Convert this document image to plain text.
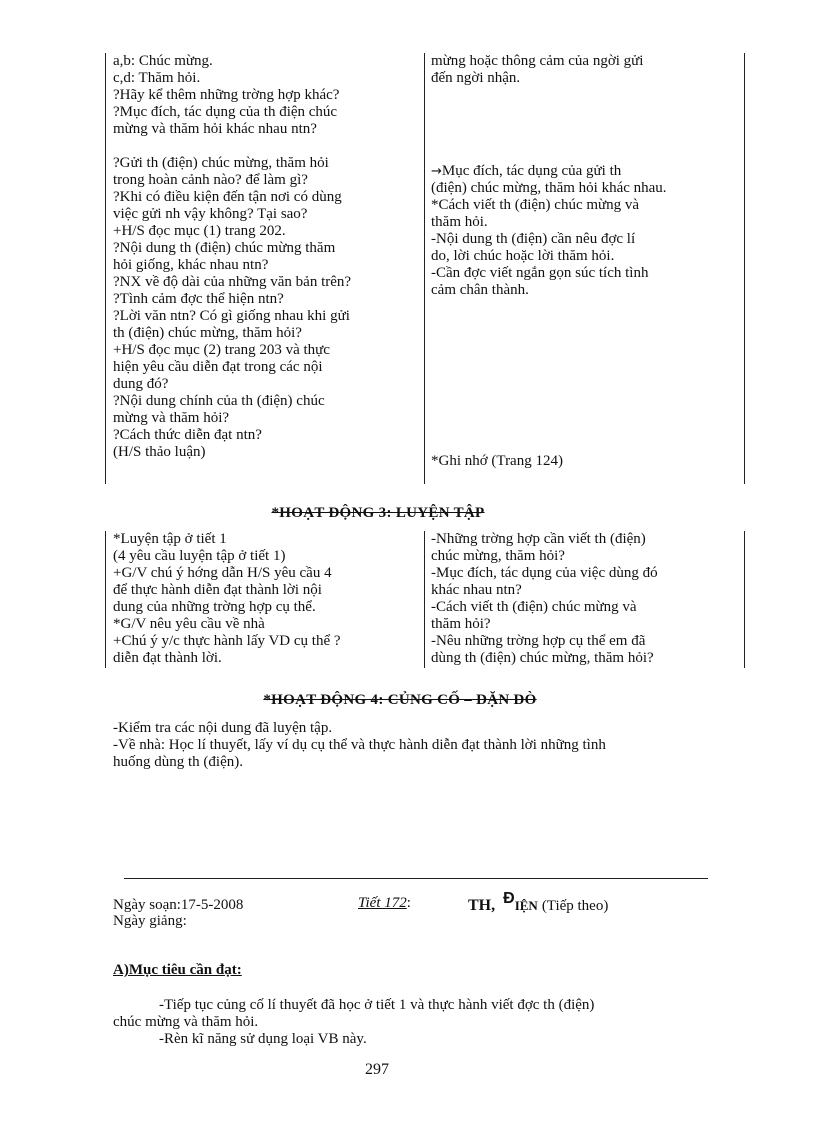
a,b: Chúc mừng.
c,d: Thăm hỏi.
?Hãy kể thêm những trờng hợp khác?
?Mục đích, tác dụng của th điện chúc
mừng và thăm hỏi khác nhau ntn?
?Gửi th (điện) chúc mừng, thăm hỏi
trong hoàn cảnh nào? để làm gì?
?Khi có điều kiện đến tận nơi có dùng
việc gửi nh vậy không? Tại sao?
+H/S đọc mục (1) trang 202.
?Nội dung th (điện) chúc mừng thăm
hỏi giống, khác nhau ntn?
?NX về độ dài của những văn bản trên?
?Tình cảm đợc thể hiện ntn?
?Lời văn ntn? Có gì giống nhau khi gửi
th (điện) chúc mừng, thăm hỏi?
+H/S đọc mục (2) trang 203 và thực
hiện yêu cầu diễn đạt trong các nội
dung đó?
?Nội dung chính của th (điện) chúc
mừng và thăm hỏi?
?Cách thức diễn đạt ntn?
(H/S thảo luận)
mừng hoặc thông cảm của ngời gửi
đến ngời nhận.
→Mục đích, tác dụng của gửi th
(điện) chúc mừng, thăm hỏi khác nhau.
*Cách viết th (điện) chúc mừng và
thăm hỏi.
-Nội dung th (điện) cần nêu đợc lí
do, lời chúc hoặc lời thăm hỏi.
-Cần đợc viết ngắn gọn súc tích tình
cảm chân thành.
*Ghi nhớ (Trang 124)
*HOẠT ĐỘNG 3: LUYỆN TẬP
*Luyện tập ở tiết 1
(4 yêu cầu luyện tập ở tiết 1)
+G/V chú ý hớng dẫn H/S yêu cầu 4
để thực hành diễn đạt thành lời nội
dung của những trờng hợp cụ thể.
*G/V nêu yêu cầu về nhà
+Chú ý y/c thực hành lấy VD cụ thể ?
diễn đạt thành lời.
-Những trờng hợp cần viết th (điện)
chúc mừng, thăm hỏi?
-Mục đích, tác dụng của việc dùng đó
khác nhau ntn?
-Cách viết th (điện) chúc mừng và
thăm hỏi?
-Nêu những trờng hợp cụ thể em đã
dùng th (điện) chúc mừng, thăm hỏi?
*HOẠT ĐỘNG 4: CỦNG CỐ – DẶN DÒ
-Kiểm tra các nội dung đã luyện tập.
-Về nhà: Học lí thuyết, lấy ví dụ cụ thể và thực hành diễn đạt thành lời những tình
huống dùng th (điện).
Ngày soạn:17-5-2008
Ngày giảng:
Tiết 172:	TH, ĐIỆN (Tiếp theo)
A)Mục tiêu cần đạt:
-Tiếp tục củng cố lí thuyết đã học ở tiết 1 và thực hành viết đợc th (điện)
chúc mừng và thăm hỏi.
-Rèn kĩ năng sử dụng loại VB này.
297
